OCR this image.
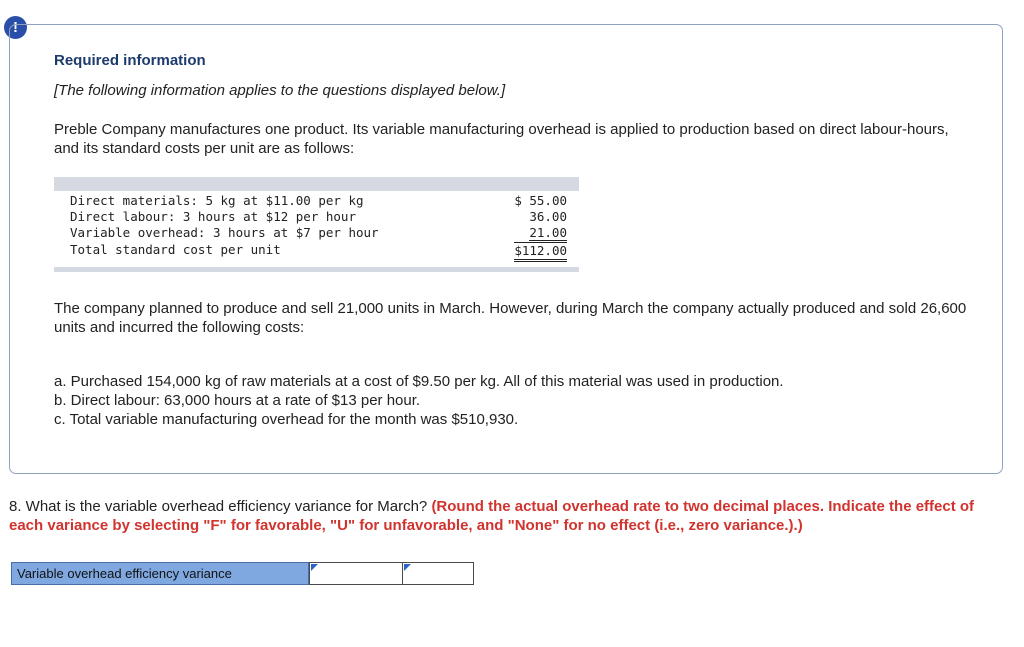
!
Required information
[The following information applies to the questions displayed below.]
Preble Company manufactures one product. Its variable manufacturing overhead is applied to production based on direct labour-hours, and its standard costs per unit are as follows:
Direct materials: 5 kg at $11.00 per kg	$ 55.00
Direct labour: 3 hours at $12 per hour	36.00
Variable overhead: 3 hours at $7 per hour	21.00
Total standard cost per unit	$112.00
The company planned to produce and sell 21,000 units in March. However, during March the company actually produced and sold 26,600 units and incurred the following costs:
a. Purchased 154,000 kg of raw materials at a cost of $9.50 per kg. All of this material was used in production.
b. Direct labour: 63,000 hours at a rate of $13 per hour.
c. Total variable manufacturing overhead for the month was $510,930.
8. What is the variable overhead efficiency variance for March? (Round the actual overhead rate to two decimal places. Indicate the effect of each variance by selecting "F" for favorable, "U" for unfavorable, and "None" for no effect (i.e., zero variance.).)
Variable overhead efficiency variance
